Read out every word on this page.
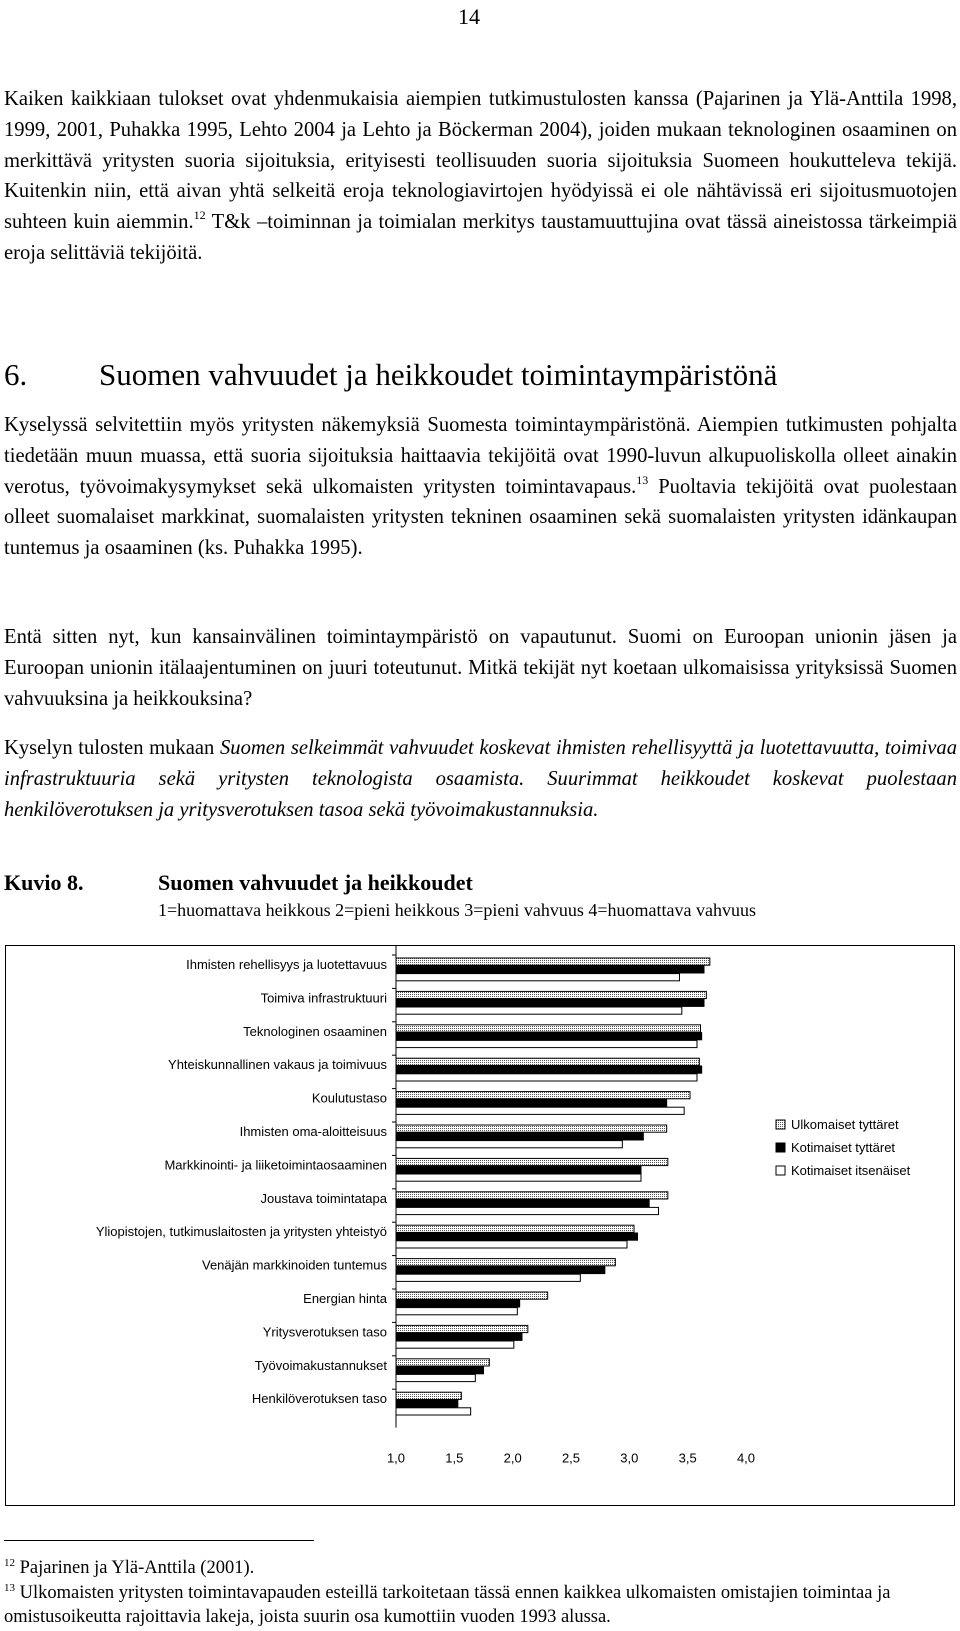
14

Kaiken kaikkiaan tulokset ovat yhdenmukaisia aiempien tutkimustulosten kanssa (Pajarinen ja Ylä-Anttila 1998, 1999, 2001, Puhakka 1995, Lehto 2004 ja Lehto ja Böckerman 2004), joiden mukaan teknologinen osaaminen on merkittävä yritysten suoria sijoituksia, erityisesti teollisuuden suoria sijoituksia Suomeen houkutteleva tekijä. Kuitenkin niin, että aivan yhtä selkeitä eroja teknologiavirtojen hyödyissä ei ole nähtävissä eri sijoitusmuotojen suhteen kuin aiemmin.$^{12}$ T&k –toiminnan ja toimialan merkitys taustamuuttujina ovat tässä aineistossa tärkeimpiä eroja selittäviä tekijöitä.

6. Suomen vahvuudet ja heikkoudet toimintaympäristönä

Kyselyssä selvitettiin myös yritysten näkemyksiä Suomesta toimintaympäristönä. Aiempien tutkimusten pohjalta tiedetään muun muassa, että suoria sijoituksia haittaavia tekijöitä ovat 1990-luvun alkupuoliskolla olleet ainakin verotus, työvoimakysymykset sekä ulkomaisten yritysten toimintavapaus.$^{13}$ Puoltavia tekijöitä ovat puolestaan olleet suomalaiset markkinat, suomalaisten yritysten tekninen osaaminen sekä suomalaisten yritysten idänkaupan tuntemus ja osaaminen (ks. Puhakka 1995).

Entä sitten nyt, kun kansainvälinen toimintaympäristö on vapautunut. Suomi on Euroopan unionin jäsen ja Euroopan unionin itälaajentuminen on juuri toteutunut. Mitkä tekijät nyt koetaan ulkomaisissa yrityksissä Suomen vahvuuksina ja heikkouksina?

Kyselyn tulosten mukaan Suomen selkeimmät vahvuudet koskevat ihmisten rehellisyyttä ja luotettavuutta, toimivaa infrastruktuuria sekä yritysten teknologista osaamista. Suurimmat heikkoudet koskevat puolestaan henkilöverotuksen ja yritysverotuksen tasoa sekä työvoimakustannuksia.

Kuvio 8.	Suomen vahvuudet ja heikkoudet
1=huomattava heikkous 2=pieni heikkous 3=pieni vahvuus 4=huomattava vahvuus
Ihmisten rehellisyys ja luotettavuus
Toimiva infrastruktuuri
Teknologinen osaaminen
Yhteiskunnallinen vakaus ja toimivuus
Koulutustaso
Ihmisten oma-aloitteisuus
Markkinointi- ja liiketoimintaosaaminen
Joustava toimintatapa
Yliopistojen, tutkimuslaitosten ja yritysten yhteistyö
Venäjän markkinoiden tuntemus
Energian hinta
Yritysverotuksen taso
Työvoimakustannukset
Henkilöverotuksen taso
1,0	1,5	2,0	2,5	3,0	3,5	4,0
Ulkomaiset tyttäret
Kotimaiset tyttäret
Kotimaiset itsenäiset

$^{12}$ Pajarinen ja Ylä-Anttila (2001).

$^{13}$ Ulkomaisten yritysten toimintavapauden esteillä tarkoitetaan tässä ennen kaikkea ulkomaisten omistajien toimintaa ja omistusoikeutta rajoittavia lakeja, joista suurin osa kumottiin vuoden 1993 alussa.
